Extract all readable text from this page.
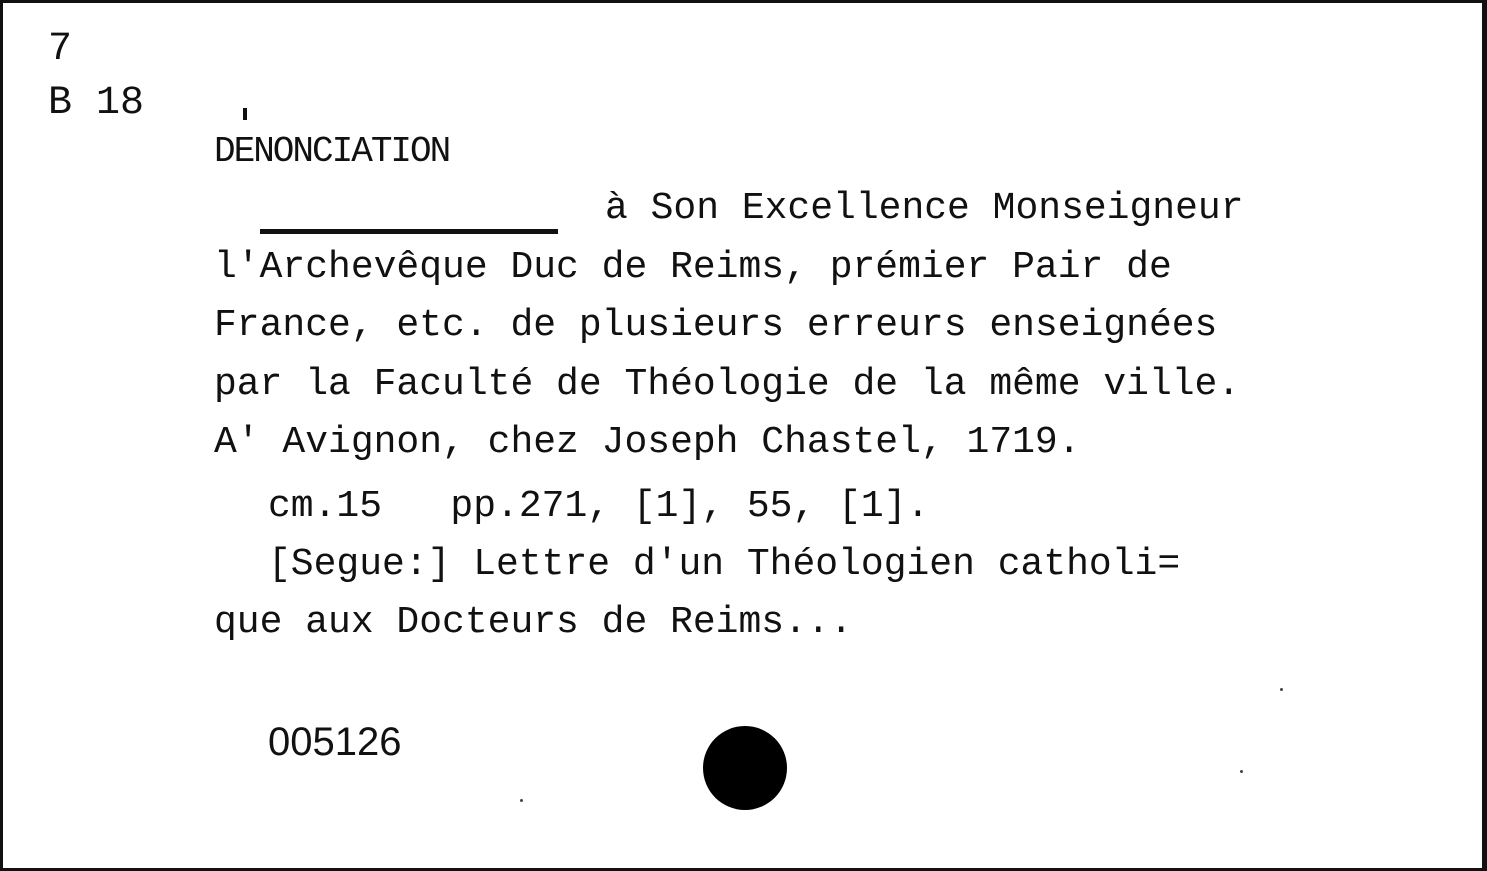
7
B 18
DENONCIATION
à Son Excellence Monseigneur
l'Archevêque Duc de Reims, prémier Pair de
France, etc. de plusieurs erreurs enseignées
par la Faculté de Théologie de la même ville.
A' Avignon, chez Joseph Chastel, 1719.
cm.15   pp.271, [1], 55, [1].
[Segue:] Lettre d'un Théologien catholi=
que aux Docteurs de Reims...
005126
